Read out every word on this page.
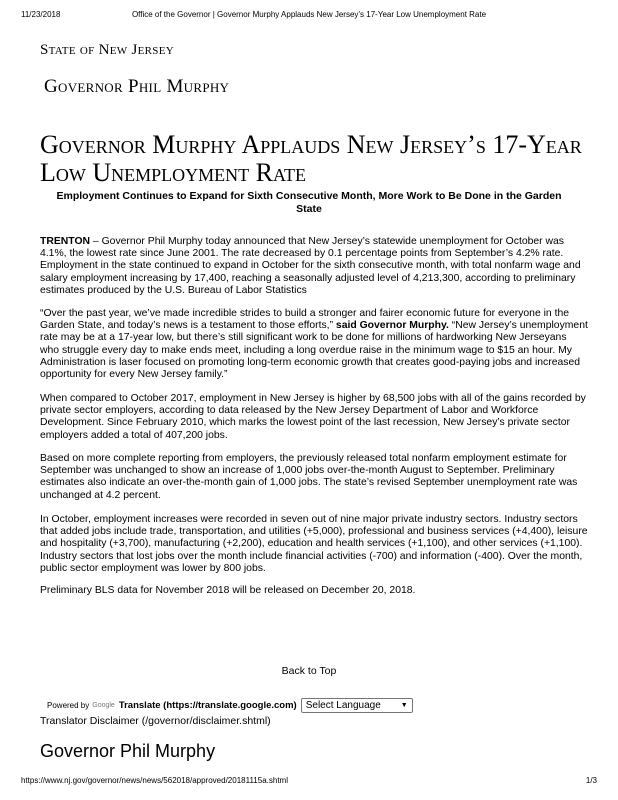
11/23/2018	Office of the Governor | Governor Murphy Applauds New Jersey’s 17-Year Low Unemployment Rate
State of New Jersey
Governor Phil Murphy
Governor Murphy Applauds New Jersey’s 17-Year Low Unemployment Rate
Employment Continues to Expand for Sixth Consecutive Month, More Work to Be Done in the Garden State

TRENTON – Governor Phil Murphy today announced that New Jersey’s statewide unemployment for October was 4.1%, the lowest rate since June 2001. The rate decreased by 0.1 percentage points from September’s 4.2% rate. Employment in the state continued to expand in October for the sixth consecutive month, with total nonfarm wage and salary employment increasing by 17,400, reaching a seasonally adjusted level of 4,213,300, according to preliminary estimates produced by the U.S. Bureau of Labor Statistics

“Over the past year, we’ve made incredible strides to build a stronger and fairer economic future for everyone in the Garden State, and today’s news is a testament to those efforts,” said Governor Murphy. “New Jersey’s unemployment rate may be at a 17-year low, but there’s still significant work to be done for millions of hardworking New Jerseyans who struggle every day to make ends meet, including a long overdue raise in the minimum wage to $15 an hour. My Administration is laser focused on promoting long-term economic growth that creates good-paying jobs and increased opportunity for every New Jersey family.”

When compared to October 2017, employment in New Jersey is higher by 68,500 jobs with all of the gains recorded by private sector employers, according to data released by the New Jersey Department of Labor and Workforce Development. Since February 2010, which marks the lowest point of the last recession, New Jersey’s private sector employers added a total of 407,200 jobs.

Based on more complete reporting from employers, the previously released total nonfarm employment estimate for September was unchanged to show an increase of 1,000 jobs over-the-month August to September. Preliminary estimates also indicate an over-the-month gain of 1,000 jobs. The state’s revised September unemployment rate was unchanged at 4.2 percent.

In October, employment increases were recorded in seven out of nine major private industry sectors. Industry sectors that added jobs include trade, transportation, and utilities (+5,000), professional and business services (+4,400), leisure and hospitality (+3,700), manufacturing (+2,200), education and health services (+1,100), and other services (+1,100). Industry sectors that lost jobs over the month include financial activities (-700) and information (-400). Over the month, public sector employment was lower by 800 jobs.

Preliminary BLS data for November 2018 will be released on December 20, 2018.

Back to Top
Powered by Google Translate (https://translate.google.com) Select Language	▼
Translator Disclaimer (/governor/disclaimer.shtml)
Governor Phil Murphy
https://www.nj.gov/governor/news/news/562018/approved/20181115a.shtml	1/3
